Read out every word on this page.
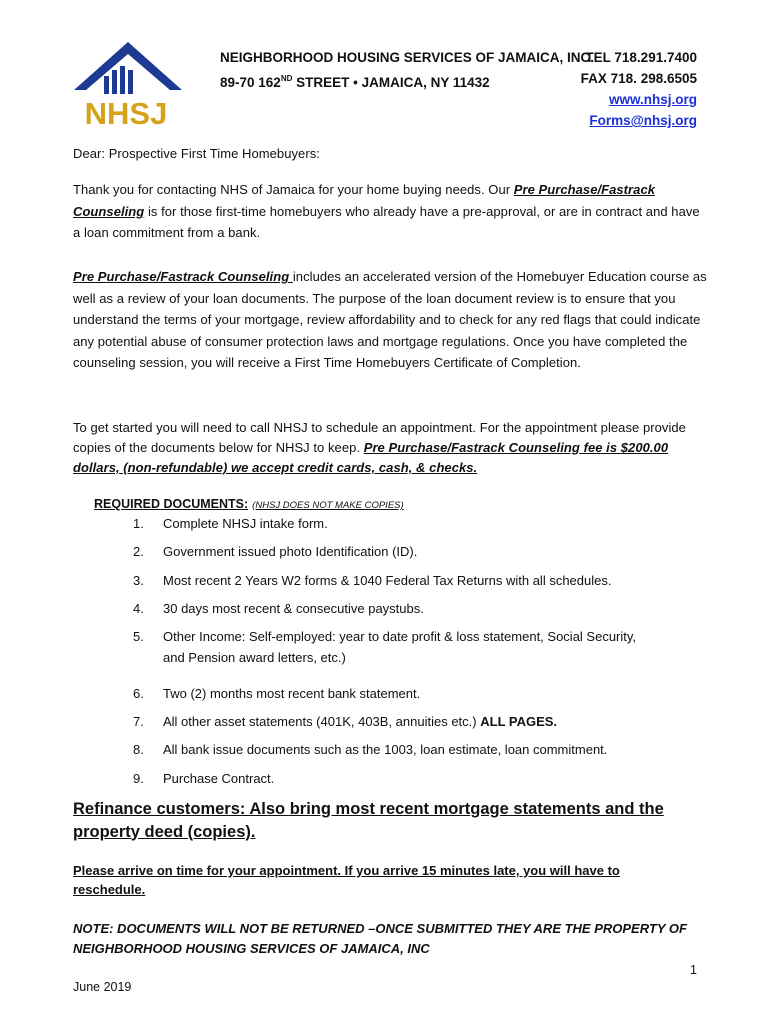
NHSJ
NEIGHBORHOOD HOUSING SERVICES OF JAMAICA, INC.
89-70 162ND STREET • JAMAICA, NY 11432
TEL 718.291.7400
FAX 718. 298.6505
www.nhsj.org
Forms@nhsj.org
Dear: Prospective First Time Homebuyers:
Thank you for contacting NHS of Jamaica for your home buying needs. Our Pre Purchase/Fastrack Counseling is for those first-time homebuyers who already have a pre-approval, or are in contract and have a loan commitment from a bank.
Pre Purchase/Fastrack Counseling includes an accelerated version of the Homebuyer Education course as well as a review of your loan documents. The purpose of the loan document review is to ensure that you understand the terms of your mortgage, review affordability and to check for any red flags that could indicate any potential abuse of consumer protection laws and mortgage regulations. Once you have completed the counseling session, you will receive a First Time Homebuyers Certificate of Completion.
To get started you will need to call NHSJ to schedule an appointment. For the appointment please provide copies of the documents below for NHSJ to keep. Pre Purchase/Fastrack Counseling fee is $200.00 dollars, (non-refundable) we accept credit cards, cash, & checks.
REQUIRED DOCUMENTS: (NHSJ DOES NOT MAKE COPIES)
1. Complete NHSJ intake form.
2. Government issued photo Identification (ID).
3. Most recent 2 Years W2 forms & 1040 Federal Tax Returns with all schedules.
4. 30 days most recent & consecutive paystubs.
5. Other Income: Self-employed: year to date profit & loss statement, Social Security,
and Pension award letters, etc.)
6. Two (2) months most recent bank statement.
7. All other asset statements (401K, 403B, annuities etc.) ALL PAGES.
8. All bank issue documents such as the 1003, loan estimate, loan commitment.
9. Purchase Contract.
Refinance customers: Also bring most recent mortgage statements and the property deed (copies).
Please arrive on time for your appointment. If you arrive 15 minutes late, you will have to reschedule.
NOTE: DOCUMENTS WILL NOT BE RETURNED –ONCE SUBMITTED THEY ARE THE PROPERTY OF NEIGHBORHOOD HOUSING SERVICES OF JAMAICA, INC
1
June 2019
